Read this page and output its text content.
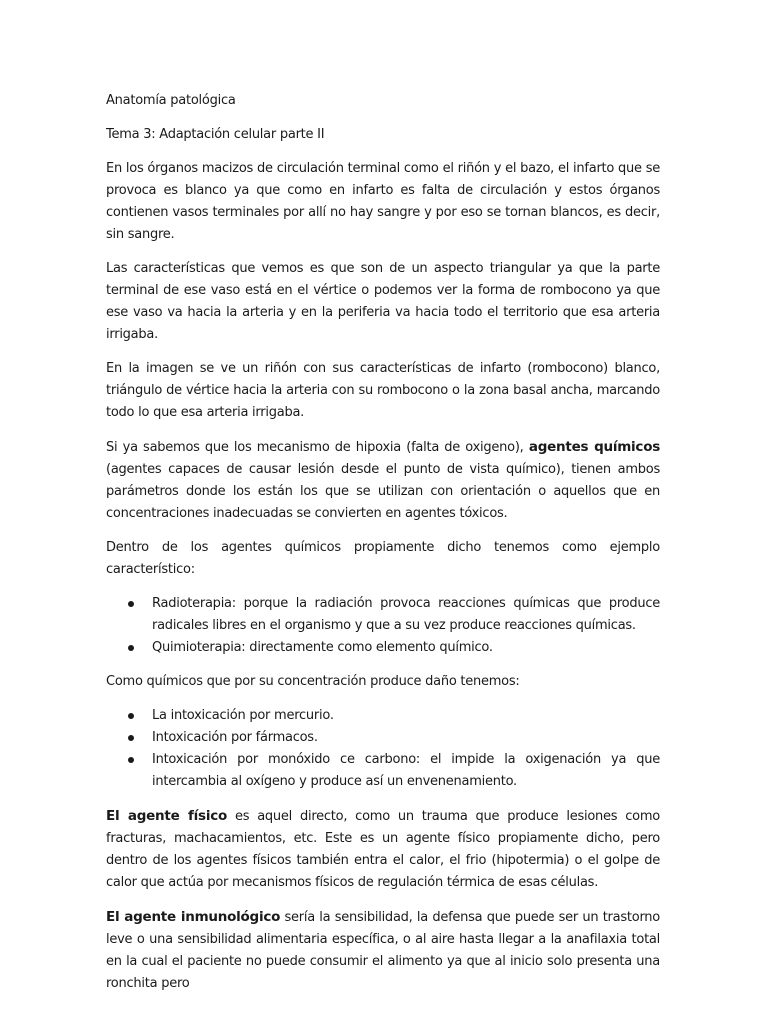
Anatomía patológica

Tema 3: Adaptación celular parte II

En los órganos macizos de circulación terminal como el riñón y el bazo, el infarto que se provoca es blanco ya que como en infarto es falta de circulación y estos órganos contienen vasos terminales por allí no hay sangre y por eso se tornan blancos, es decir, sin sangre.

Las características que vemos es que son de un aspecto triangular ya que la parte terminal de ese vaso está en el vértice o podemos ver la forma de rombocono ya que ese vaso va hacia la arteria y en la periferia va hacia todo el territorio que esa arteria irrigaba.

En la imagen se ve un riñón con sus características de infarto (rombocono) blanco, triángulo de vértice hacia la arteria con su rombocono o la zona basal ancha, marcando todo lo que esa arteria irrigaba.

Si ya sabemos que los mecanismo de hipoxia (falta de oxigeno), agentes químicos (agentes capaces de causar lesión desde el punto de vista químico), tienen ambos parámetros donde los están los que se utilizan con orientación o aquellos que en concentraciones inadecuadas se convierten en agentes tóxicos.

Dentro de los agentes químicos propiamente dicho tenemos como ejemplo característico:

Radioterapia: porque la radiación provoca reacciones químicas que produce radicales libres en el organismo y que a su vez produce reacciones químicas.
Quimioterapia: directamente como elemento químico.

Como químicos que por su concentración produce daño tenemos:

La intoxicación por mercurio.
Intoxicación por fármacos.
Intoxicación por monóxido ce carbono: el impide la oxigenación ya que intercambia al oxígeno y produce así un envenenamiento.

El agente físico es aquel directo, como un trauma que produce lesiones como fracturas, machacamientos, etc. Este es un agente físico propiamente dicho, pero dentro de los agentes físicos también entra el calor, el frio (hipotermia) o el golpe de calor que actúa por mecanismos físicos de regulación térmica de esas células.

El agente inmunológico sería la sensibilidad, la defensa que puede ser un trastorno leve o una sensibilidad alimentaria específica, o al aire hasta llegar a la anafilaxia total en la cual el paciente no puede consumir el alimento ya que al inicio solo presenta una ronchita pero
